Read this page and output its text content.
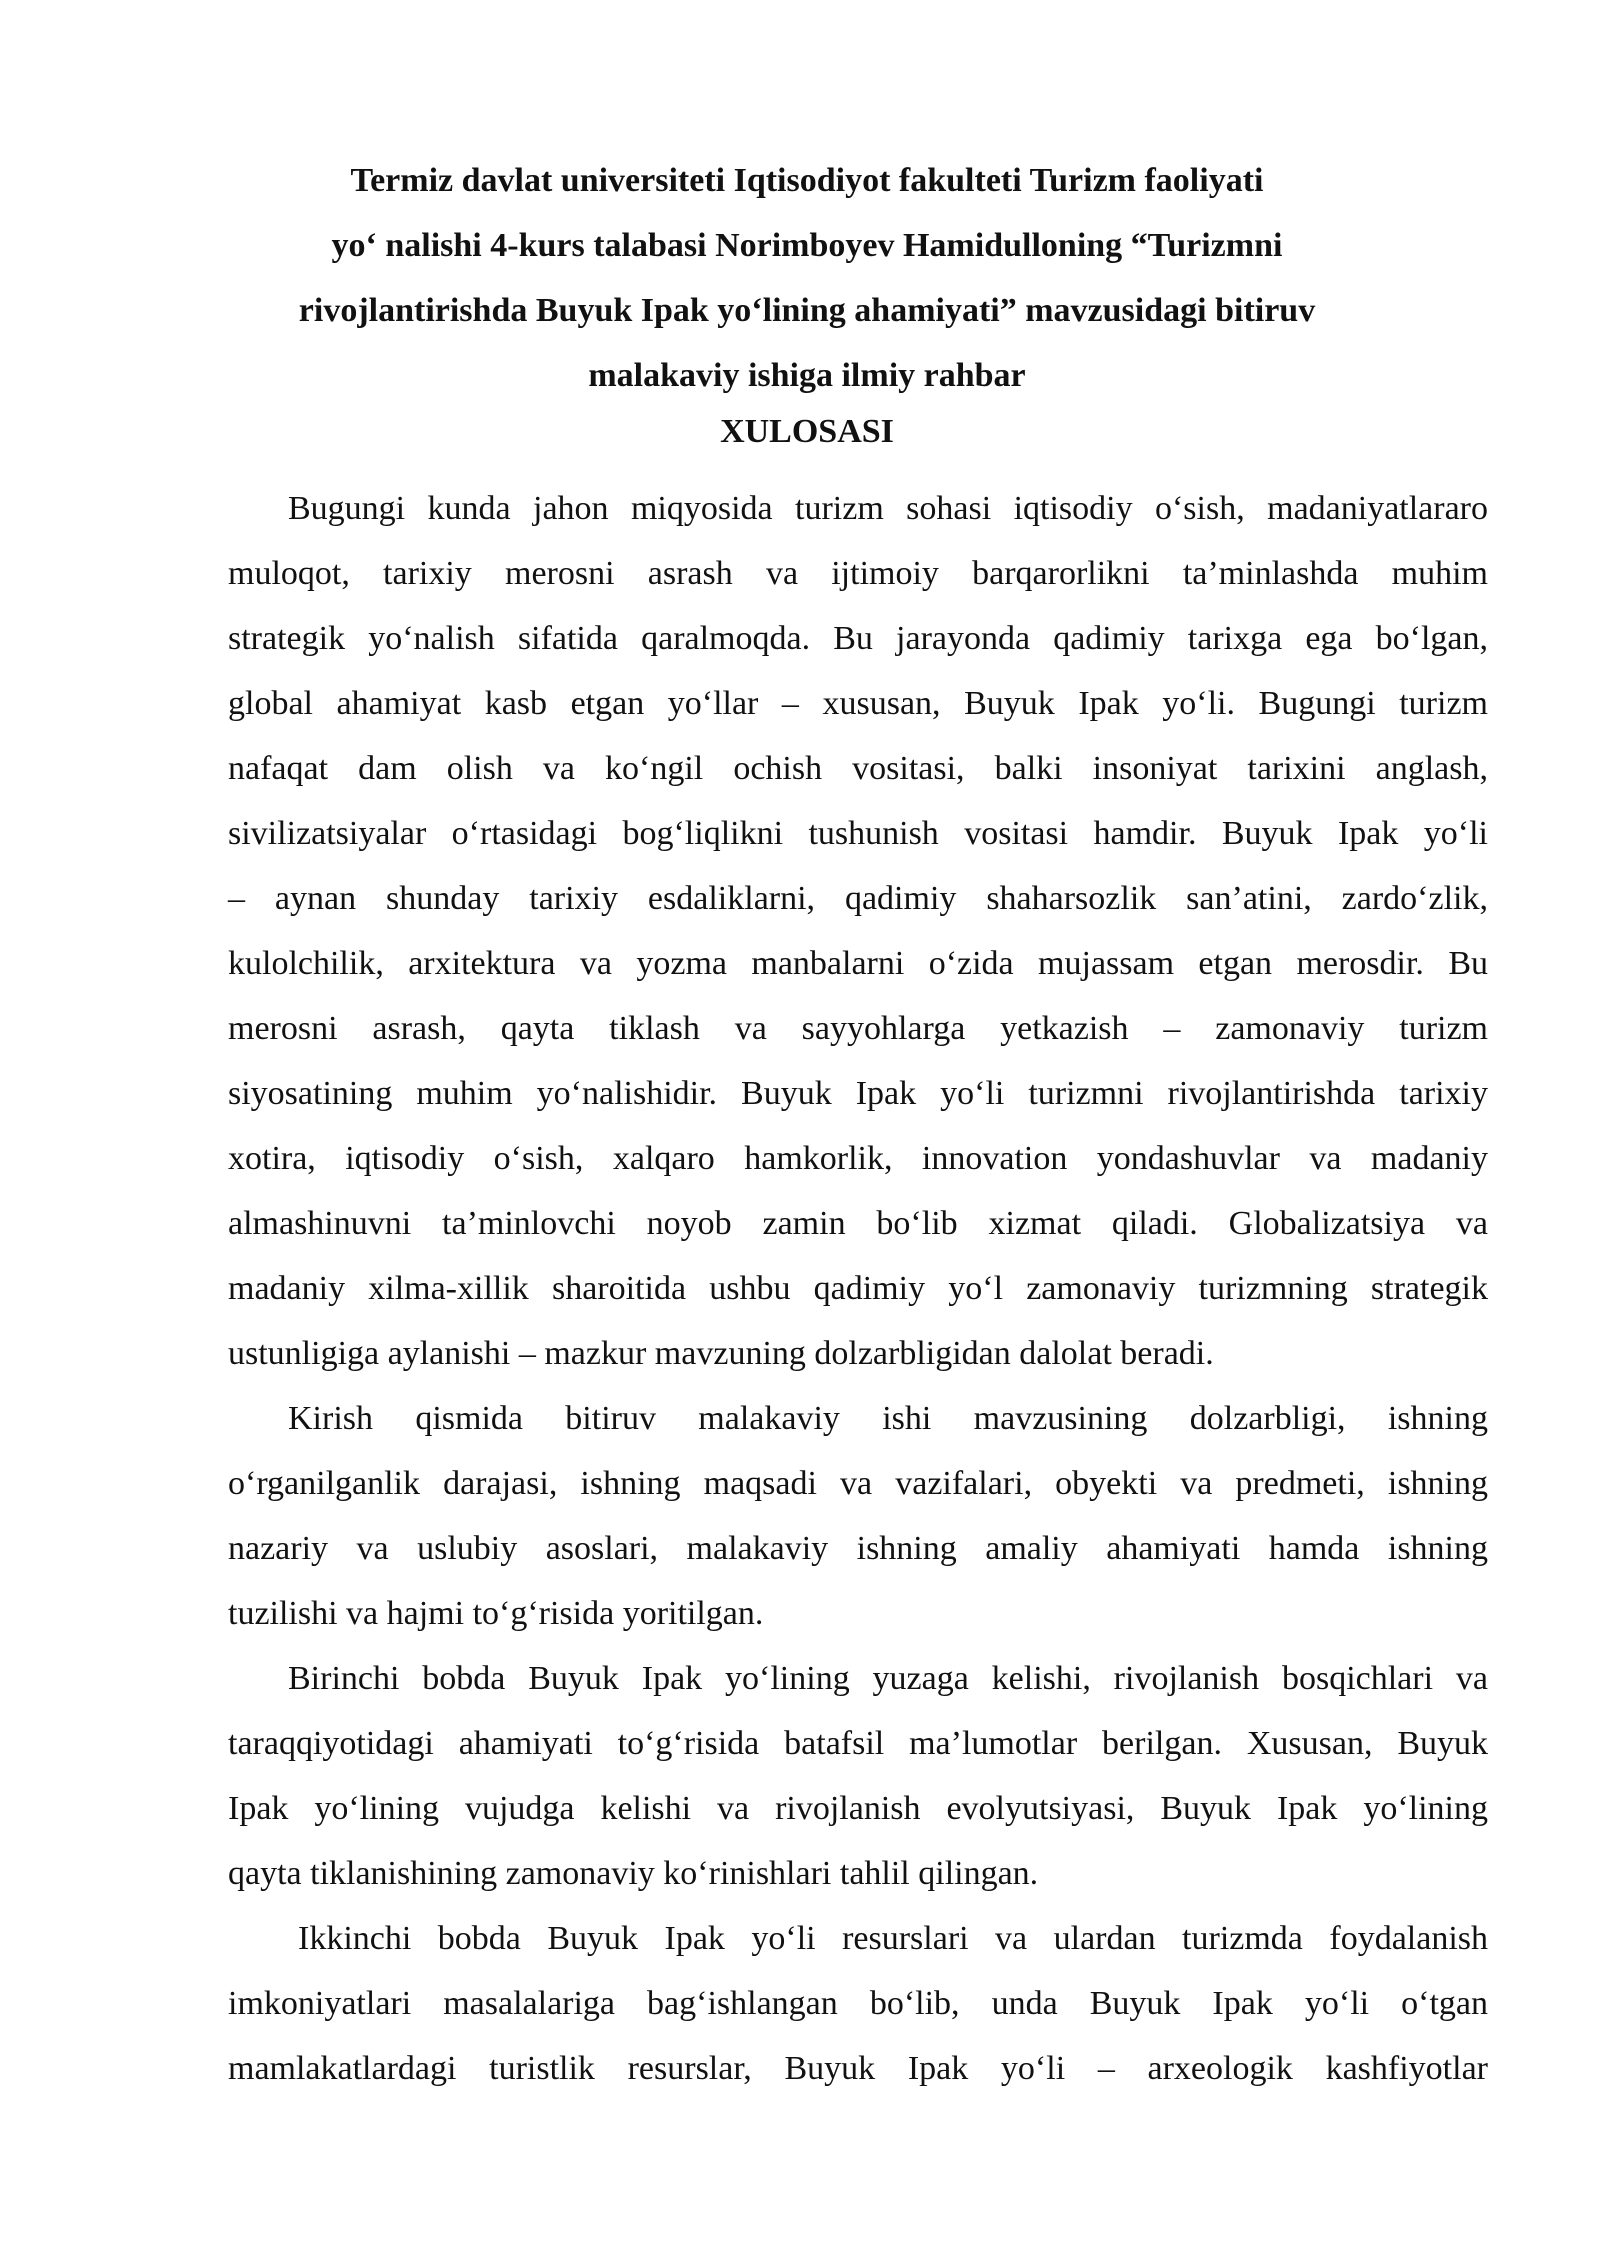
Termiz davlat universiteti Iqtisodiyot fakulteti Turizm faoliyati
yo‘ nalishi 4-kurs talabasi Norimboyev Hamidulloning “Turizmni
rivojlantirishda Buyuk Ipak yo‘lining ahamiyati” mavzusidagi bitiruv
malakaviy ishiga ilmiy rahbar
XULOSASI
Bugungi kunda jahon miqyosida turizm sohasi iqtisodiy o‘sish, madaniyatlararo
muloqot, tarixiy merosni asrash va ijtimoiy barqarorlikni ta’minlashda muhim
strategik yo‘nalish sifatida qaralmoqda. Bu jarayonda qadimiy tarixga ega bo‘lgan,
global ahamiyat kasb etgan yo‘llar – xususan, Buyuk Ipak yo‘li. Bugungi turizm
nafaqat dam olish va ko‘ngil ochish vositasi, balki insoniyat tarixini anglash,
sivilizatsiyalar o‘rtasidagi bog‘liqlikni tushunish vositasi hamdir. Buyuk Ipak yo‘li
– aynan shunday tarixiy esdaliklarni, qadimiy shaharsozlik san’atini, zardo‘zlik,
kulolchilik, arxitektura va yozma manbalarni o‘zida mujassam etgan merosdir. Bu
merosni asrash, qayta tiklash va sayyohlarga yetkazish – zamonaviy turizm
siyosatining muhim yo‘nalishidir. Buyuk Ipak yo‘li turizmni rivojlantirishda tarixiy
xotira, iqtisodiy o‘sish, xalqaro hamkorlik, innovation yondashuvlar va madaniy
almashinuvni ta’minlovchi noyob zamin bo‘lib xizmat qiladi. Globalizatsiya va
madaniy xilma-xillik sharoitida ushbu qadimiy yo‘l zamonaviy turizmning strategik
ustunligiga aylanishi – mazkur mavzuning dolzarbligidan dalolat beradi.
Kirish qismida bitiruv malakaviy ishi mavzusining dolzarbligi, ishning
o‘rganilganlik darajasi, ishning maqsadi va vazifalari, obyekti va predmeti, ishning
nazariy va uslubiy asoslari, malakaviy ishning amaliy ahamiyati hamda ishning
tuzilishi va hajmi to‘g‘risida yoritilgan.
Birinchi bobda Buyuk Ipak yo‘lining yuzaga kelishi, rivojlanish bosqichlari va
taraqqiyotidagi ahamiyati to‘g‘risida batafsil ma’lumotlar berilgan. Xususan, Buyuk
Ipak yo‘lining vujudga kelishi va rivojlanish evolyutsiyasi, Buyuk Ipak yo‘lining
qayta tiklanishining zamonaviy ko‘rinishlari tahlil qilingan.
Ikkinchi bobda Buyuk Ipak yo‘li resurslari va ulardan turizmda foydalanish
imkoniyatlari masalalariga bag‘ishlangan bo‘lib, unda Buyuk Ipak yo‘li o‘tgan
mamlakatlardagi turistlik resurslar, Buyuk Ipak yo‘li – arxeologik kashfiyotlar
